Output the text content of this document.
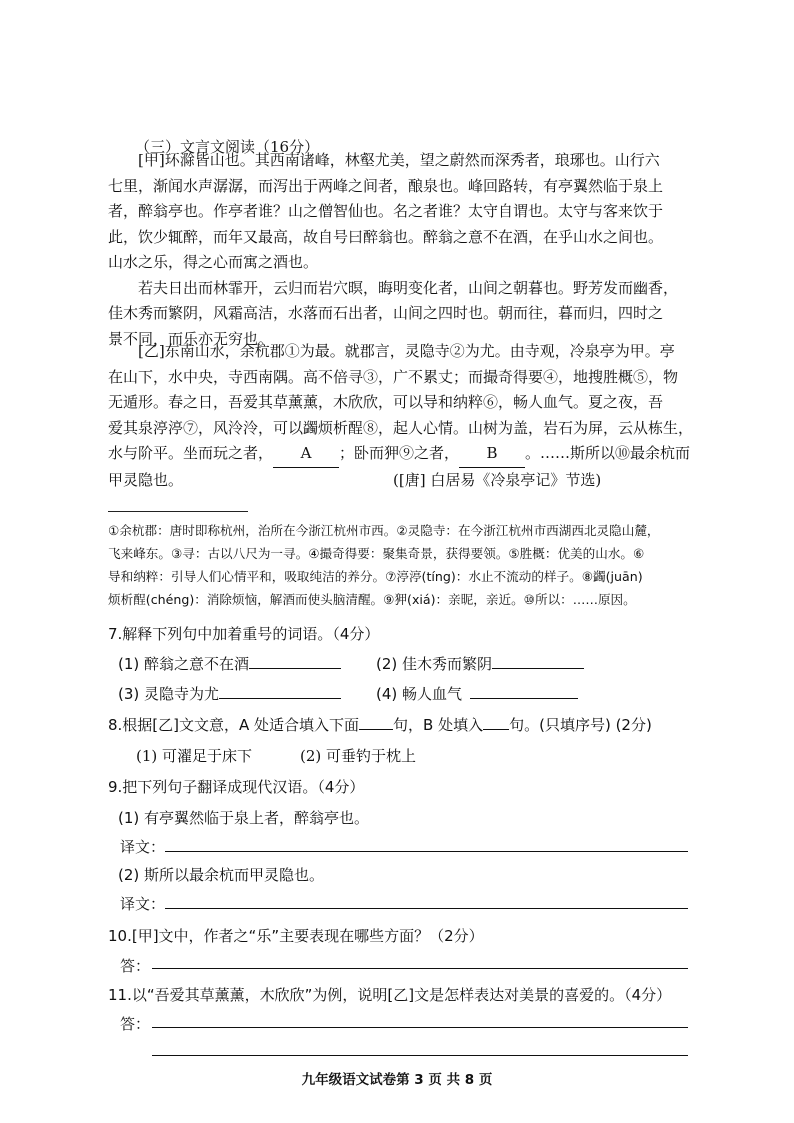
（三）文言文阅读（16分）

[甲]环滁皆山也。其西南诸峰，林壑尤美，望之蔚然而深秀者，琅琊也。山行六

七里，渐闻水声潺潺，而泻出于两峰之间者，酿泉也。峰回路转，有亭翼然临于泉上

者，醉翁亭也。作亭者谁？山之僧智仙也。名之者谁？太守自谓也。太守与客来饮于

此，饮少辄醉，而年又最高，故自号曰醉翁也。醉翁之意不在酒，在乎山水之间也。

山水之乐，得之心而寓之酒也。

若夫日出而林霏开，云归而岩穴暝，晦明变化者，山间之朝暮也。野芳发而幽香，

佳木秀而繁阴，风霜高洁，水落而石出者，山间之四时也。朝而往，暮而归，四时之

景不同，而乐亦无穷也。

[乙]东南山水，余杭郡①为最。就郡言，灵隐寺②为尤。由寺观，冷泉亭为甲。亭

在山下，水中央，寺西南隅。高不倍寻③，广不累丈；而撮奇得要④，地搜胜概⑤，物

无遁形。春之日，吾爱其草薰薰，木欣欣，可以导和纳粹⑥，畅人血气。夏之夜，吾

爱其泉渟渟⑦，风泠泠，可以蠲烦析酲⑧，起人心情。山树为盖，岩石为屏，云从栋生，

水与阶平。坐而玩之者， A ；卧而狎⑨之者， B 。……斯所以⑩最余杭而

甲灵隐也。	([唐] 白居易《冷泉亭记》节选)

①余杭郡：唐时即称杭州，治所在今浙江杭州市西。②灵隐寺：在今浙江杭州市西湖西北灵隐山麓，

飞来峰东。③寻：古以八尺为一寻。④撮奇得要：聚集奇景，获得要领。⑤胜概：优美的山水。⑥

导和纳粹：引导人们心情平和，吸取纯洁的养分。⑦渟渟(tíng)：水止不流动的样子。⑧蠲(juān)

烦析酲(chéng)：消除烦恼，解酒而使头脑清醒。⑨狎(xiá)：亲昵，亲近。⑩所以：……原因。

7.解释下列句中加着重号的词语。（4分）
(1) 醉翁之意不在酒	(2) 佳木秀而繁阴
(3) 灵隐寺为尤	(4) 畅人血气
8.根据[乙]文文意，A 处适合填入下面 句，B 处填入 句。(只填序号) (2分)
(1) 可濯足于床下	(2) 可垂钓于枕上
9.把下列句子翻译成现代汉语。（4分）
(1) 有亭翼然临于泉上者，醉翁亭也。
译文：
(2) 斯所以最余杭而甲灵隐也。
译文：
10.[甲]文中，作者之“乐”主要表现在哪些方面？（2分）
答：
11.以“吾爱其草薰薰，木欣欣”为例，说明[乙]文是怎样表达对美景的喜爱的。（4分）
答：
九年级语文试卷第 3 页 共 8 页
